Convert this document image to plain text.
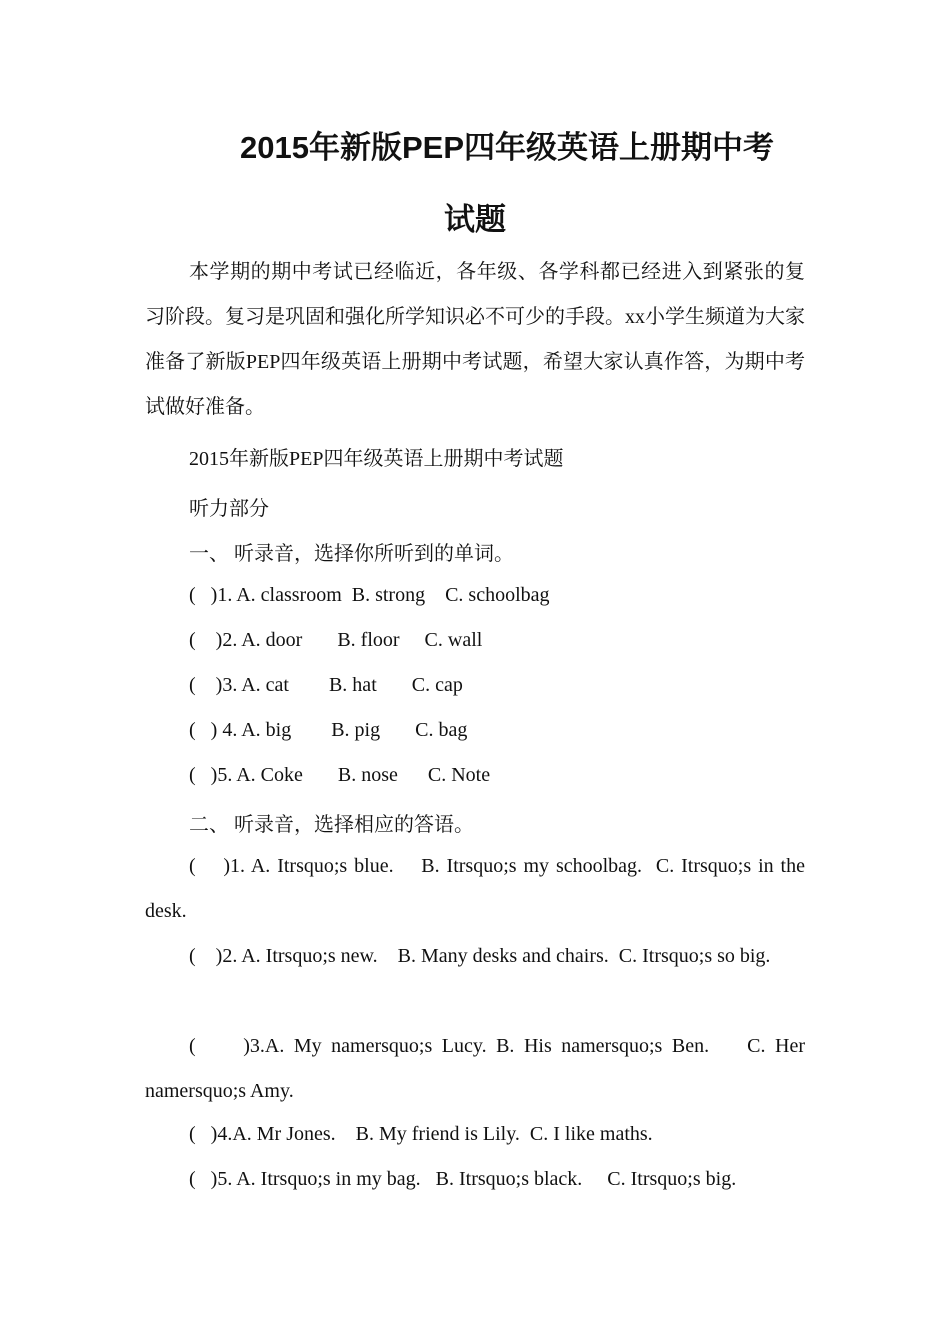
2015年新版PEP四年级英语上册期中考
试题
本学期的期中考试已经临近，各年级、各学科都已经进入到紧张的复习阶段。复习是巩固和强化所学知识必不可少的手段。xx小学生频道为大家准备了新版PEP四年级英语上册期中考试题，希望大家认真作答，为期中考试做好准备。
2015年新版PEP四年级英语上册期中考试题
听力部分
一、 听录音，选择你所听到的单词。
(   )1. A. classroom  B. strong    C. schoolbag
(    )2. A. door       B. floor     C. wall
(    )3. A. cat        B. hat       C. cap
(   ) 4. A. big        B. pig       C. bag
(   )5. A. Coke       B. nose      C. Note
二、 听录音，选择相应的答语。
(    )1. A. Itrsquo;s blue.    B. Itrsquo;s my schoolbag.  C. Itrsquo;s in the desk.
(    )2. A. Itrsquo;s new.    B. Many desks and chairs.  C. Itrsquo;s so big.
(     )3.A. My namersquo;s Lucy. B. His namersquo;s Ben.    C. Her namersquo;s Amy.
(   )4.A. Mr Jones.    B. My friend is Lily.  C. I like maths.
(   )5. A. Itrsquo;s in my bag.   B. Itrsquo;s black.     C. Itrsquo;s big.
